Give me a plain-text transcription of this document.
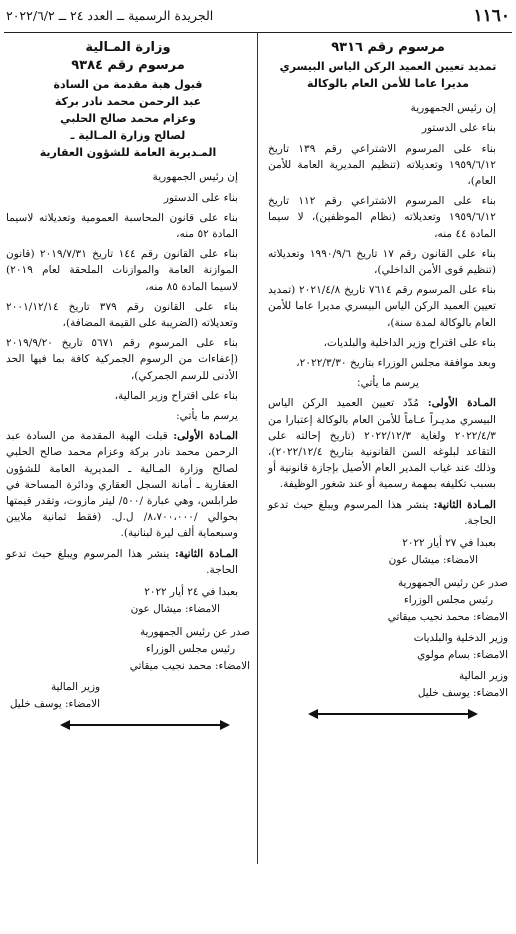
١١٦٠
الجريدة الرسمية ــ العدد ٢٤ ــ ٢٠٢٢/٦/٢
مرسوم رقم ٩٣١٦
تمديد تعيين العميد الركن الياس البيسري
مديرا عاما للأمن العام بالوكالة

إن رئيس الجمهورية

بناء على الدستور

بناء على المرسوم الاشتراعي رقم ١٣٩ تاريخ ١٩٥٩/٦/١٢ وتعديلاته (تنظيم المديرية العامة للأمن العام)،

بناء على المرسوم الاشتراعي رقم ١١٢ تاريخ ١٩٥٩/٦/١٢ وتعديلاته (نظام الموظفين)، لا سيما المادة ٤٤ منه،

بناء على القانون رقم ١٧ تاريخ ١٩٩٠/٩/٦ وتعديلاته (تنظيم قوى الأمن الداخلي)،

بناء على المرسوم رقم ٧٦١٤ تاريخ ٢٠٢١/٤/٨ (تمديد تعيين العميد الركن الياس البيسري مديرا عاما للأمن العام بالوكالة لمدة سنة)،

بناء على اقتراح وزير الداخلية والبلديات،

وبعد موافقة مجلس الوزراء بتاريخ ٢٠٢٢/٣/٣٠،

يرسم ما يأتي:

المـادة الأولى: مُدّد تعيين العميد الركن الياس البيسري مديـراً عـاماً للأمن العام بالوكالة إعتبارا من ٢٠٢٢/٤/٣ ولغاية ٢٠٢٢/١٢/٣ (تاريخ إحالته على التقاعد لبلوغه السن القانونية بتاريخ ٢٠٢٢/١٢/٤)، وذلك عند غياب المدير العام الأصيل بإجازة قانونية أو بسبب تكليفه بمهمة رسمية أو عند شغور الوظيفة.

المـادة الثانية: ينشر هذا المرسوم ويبلغ حيث تدعو الحاجة.

بعبدا في ٢٧ أيار ٢٠٢٢
الامضاء: ميشال عون
صدر عن رئيس الجمهورية
رئيس مجلس الوزراء
الامضاء: محمد نجيب ميقاتي
وزير الدخلية والبلديات
الامضاء: بسام مولوي
وزير المالية
الامضاء: يوسف خليل
وزارة المـالية
مرسوم رقم ٩٣٨٤
قبول هبة مقدمة من السادة
عبد الرحمن محمد نادر بركة
وعزام محمد صالح الحلبي
لصالح وزارة المـالية ـ
المـديرية العامة للشؤون العقارية

إن رئيس الجمهورية

بناء على الدستور

بناء على قانون المحاسبة العمومية وتعديلاته لاسيما المادة ٥٢ منه،

بناء على القانون رقم ١٤٤ تاريخ ٢٠١٩/٧/٣١ (قانون الموازنة العامة والموازنات الملحقة لعام ٢٠١٩) لاسيما المادة ٨٥ منه،

بناء على القانون رقم ٣٧٩ تاريخ ٢٠٠١/١٢/١٤ وتعديلاته (الضريبة على القيمة المضافة)،

بناء على المرسوم رقم ٥٦٧١ تاريخ ٢٠١٩/٩/٢٠ (إعفاءات من الرسوم الجمركية كافة بما فيها الحد الأدنى للرسم الجمركي)،

بناء على اقتراح وزير المالية،

يرسم ما يأتي:

المـادة الأولى: قبلت الهبة المقدمة من السادة عبد الرحمن محمد نادر بركة وعزام محمد صالح الحلبي لصالح وزارة المـالية ـ المديرية العامة للشؤون العقارية ـ أمانة السجل العقاري ودائرة المساحة في طرابلس، وهي عبارة /٥٠٠/ ليتر مازوت، وتقدر قيمتها بحوالي /٨،٧٠٠،٠٠٠/ ل.ل. (فقط ثمانية ملايين وسبعماية ألف ليرة لبنانية).

المـادة الثانية: ينشر هذا المرسوم ويبلغ حيث تدعو الحاجة.

بعبدا في ٢٤ أيار ٢٠٢٢
الامضاء: ميشال عون
صدر عن رئيس الجمهورية
رئيس مجلس الوزراء
الامضاء: محمد نجيب ميقاتي
وزير المالية
الامضاء: يوسف خليل
